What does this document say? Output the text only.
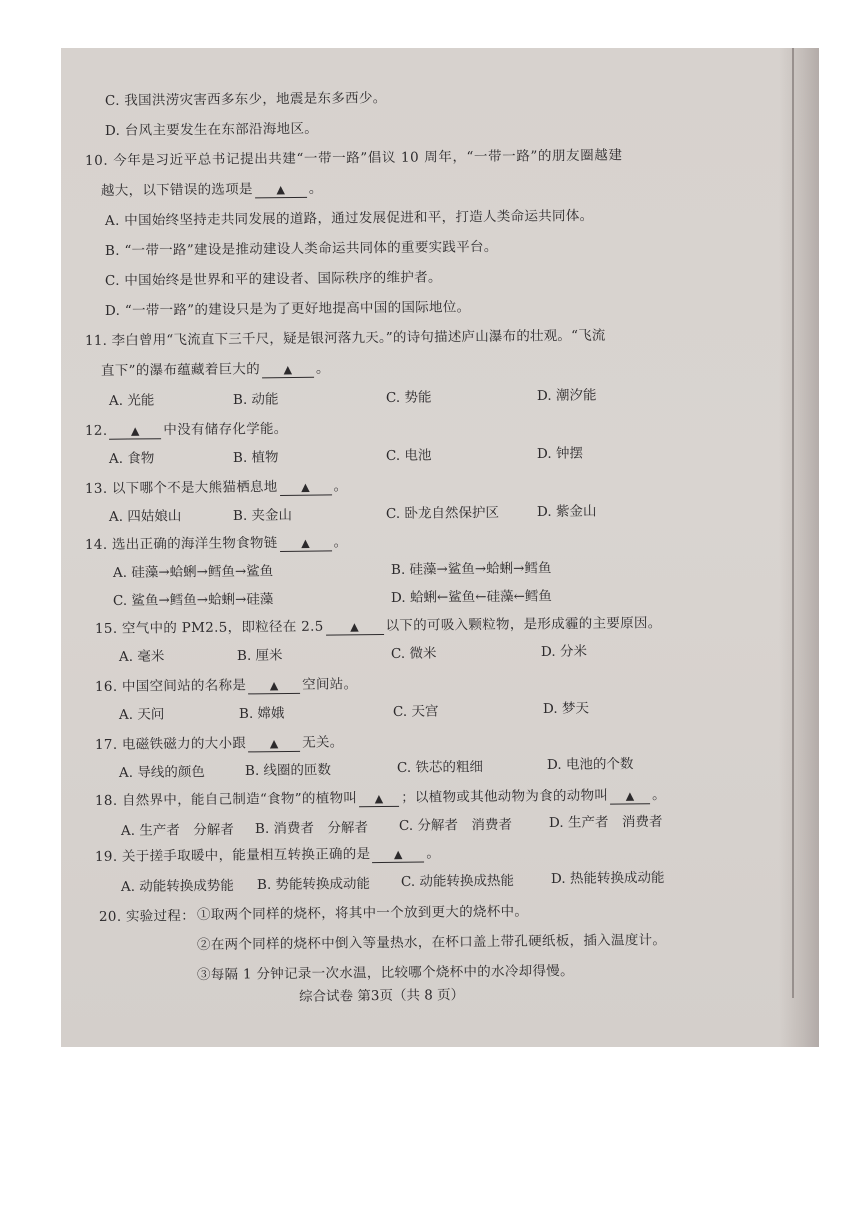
C. 我国洪涝灾害西多东少，地震是东多西少。
D. 台风主要发生在东部沿海地区。
10. 今年是习近平总书记提出共建“一带一路”倡议 10 周年，“一带一路”的朋友圈越建
越大，以下错误的选项是 ▲ 。
A. 中国始终坚持走共同发展的道路，通过发展促进和平，打造人类命运共同体。
B. “一带一路”建设是推动建设人类命运共同体的重要实践平台。
C. 中国始终是世界和平的建设者、国际秩序的维护者。
D. “一带一路”的建设只是为了更好地提高中国的国际地位。
11. 李白曾用“飞流直下三千尺，疑是银河落九天。”的诗句描述庐山瀑布的壮观。“飞流
直下”的瀑布蕴藏着巨大的 ▲ 。
A. 光能	B. 动能	C. 势能	D. 潮汐能
12. ▲ 中没有储存化学能。
A. 食物	B. 植物	C. 电池	D. 钟摆
13. 以下哪个不是大熊猫栖息地 ▲ 。
A. 四姑娘山	B. 夹金山	C. 卧龙自然保护区	D. 紫金山
14. 选出正确的海洋生物食物链 ▲ 。
A. 硅藻→蛤蜊→鳕鱼→鲨鱼	B. 硅藻→鲨鱼→蛤蜊→鳕鱼
C. 鲨鱼→鳕鱼→蛤蜊→硅藻	D. 蛤蜊←鲨鱼←硅藻←鳕鱼
15. 空气中的 PM2.5，即粒径在 2.5 ▲ 以下的可吸入颗粒物，是形成霾的主要原因。
A. 毫米	B. 厘米	C. 微米	D. 分米
16. 中国空间站的名称是 ▲ 空间站。
A. 天问	B. 嫦娥	C. 天宫	D. 梦天
17. 电磁铁磁力的大小跟 ▲ 无关。
A. 导线的颜色	B. 线圈的匝数	C. 铁芯的粗细	D. 电池的个数
18. 自然界中，能自己制造“食物”的植物叫 ▲ ；以植物或其他动物为食的动物叫 ▲ 。
A. 生产者　分解者 B. 消费者　分解者 C. 分解者　消费者	D. 生产者　消费者
19. 关于搓手取暖中，能量相互转换正确的是 ▲ 。
A. 动能转换成势能 B. 势能转换成动能 C. 动能转换成热能	D. 热能转换成动能
20. 实验过程： ①取两个同样的烧杯，将其中一个放到更大的烧杯中。
②在两个同样的烧杯中倒入等量热水，在杯口盖上带孔硬纸板，插入温度计。
③每隔 1 分钟记录一次水温，比较哪个烧杯中的水冷却得慢。
综合试卷 第3页（共 8 页）
